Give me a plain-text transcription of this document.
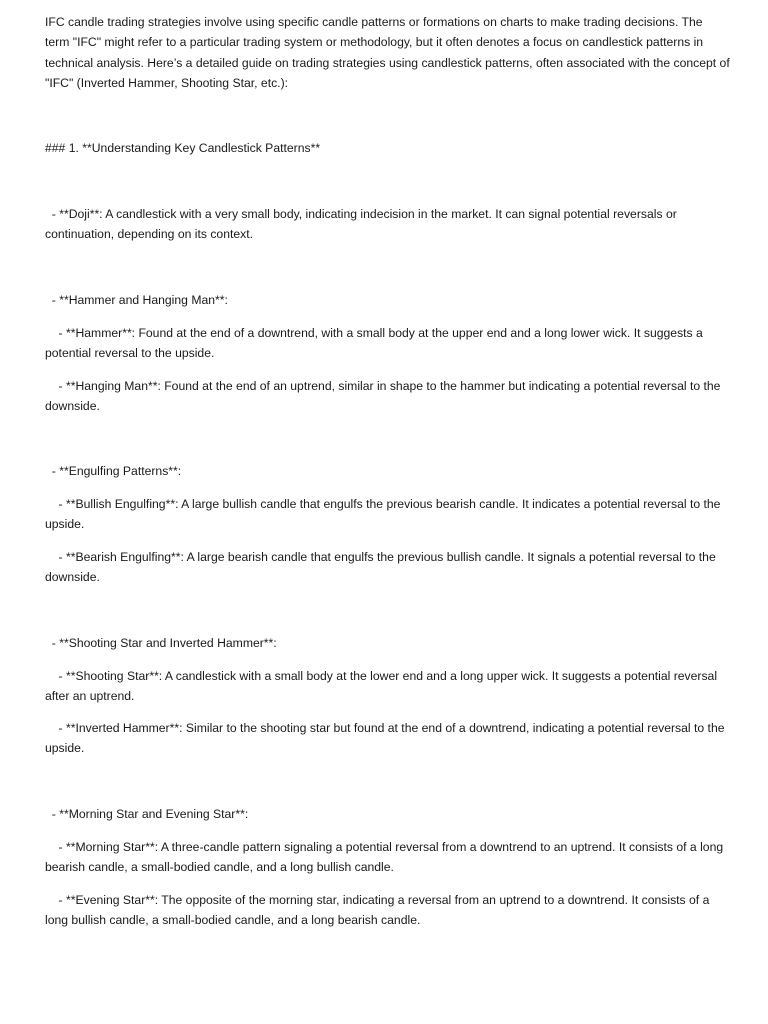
IFC candle trading strategies involve using specific candle patterns or formations on charts to make trading decisions. The term "IFC" might refer to a particular trading system or methodology, but it often denotes a focus on candlestick patterns in technical analysis. Here’s a detailed guide on trading strategies using candlestick patterns, often associated with the concept of "IFC" (Inverted Hammer, Shooting Star, etc.):

### 1. **Understanding Key Candlestick Patterns**

- **Doji**: A candlestick with a very small body, indicating indecision in the market. It can signal potential reversals or continuation, depending on its context.

- **Hammer and Hanging Man**:

- **Hammer**: Found at the end of a downtrend, with a small body at the upper end and a long lower wick. It suggests a potential reversal to the upside.

- **Hanging Man**: Found at the end of an uptrend, similar in shape to the hammer but indicating a potential reversal to the downside.

- **Engulfing Patterns**:

- **Bullish Engulfing**: A large bullish candle that engulfs the previous bearish candle. It indicates a potential reversal to the upside.

- **Bearish Engulfing**: A large bearish candle that engulfs the previous bullish candle. It signals a potential reversal to the downside.

- **Shooting Star and Inverted Hammer**:

- **Shooting Star**: A candlestick with a small body at the lower end and a long upper wick. It suggests a potential reversal after an uptrend.

- **Inverted Hammer**: Similar to the shooting star but found at the end of a downtrend, indicating a potential reversal to the upside.

- **Morning Star and Evening Star**:

- **Morning Star**: A three-candle pattern signaling a potential reversal from a downtrend to an uptrend. It consists of a long bearish candle, a small-bodied candle, and a long bullish candle.

- **Evening Star**: The opposite of the morning star, indicating a reversal from an uptrend to a downtrend. It consists of a long bullish candle, a small-bodied candle, and a long bearish candle.
